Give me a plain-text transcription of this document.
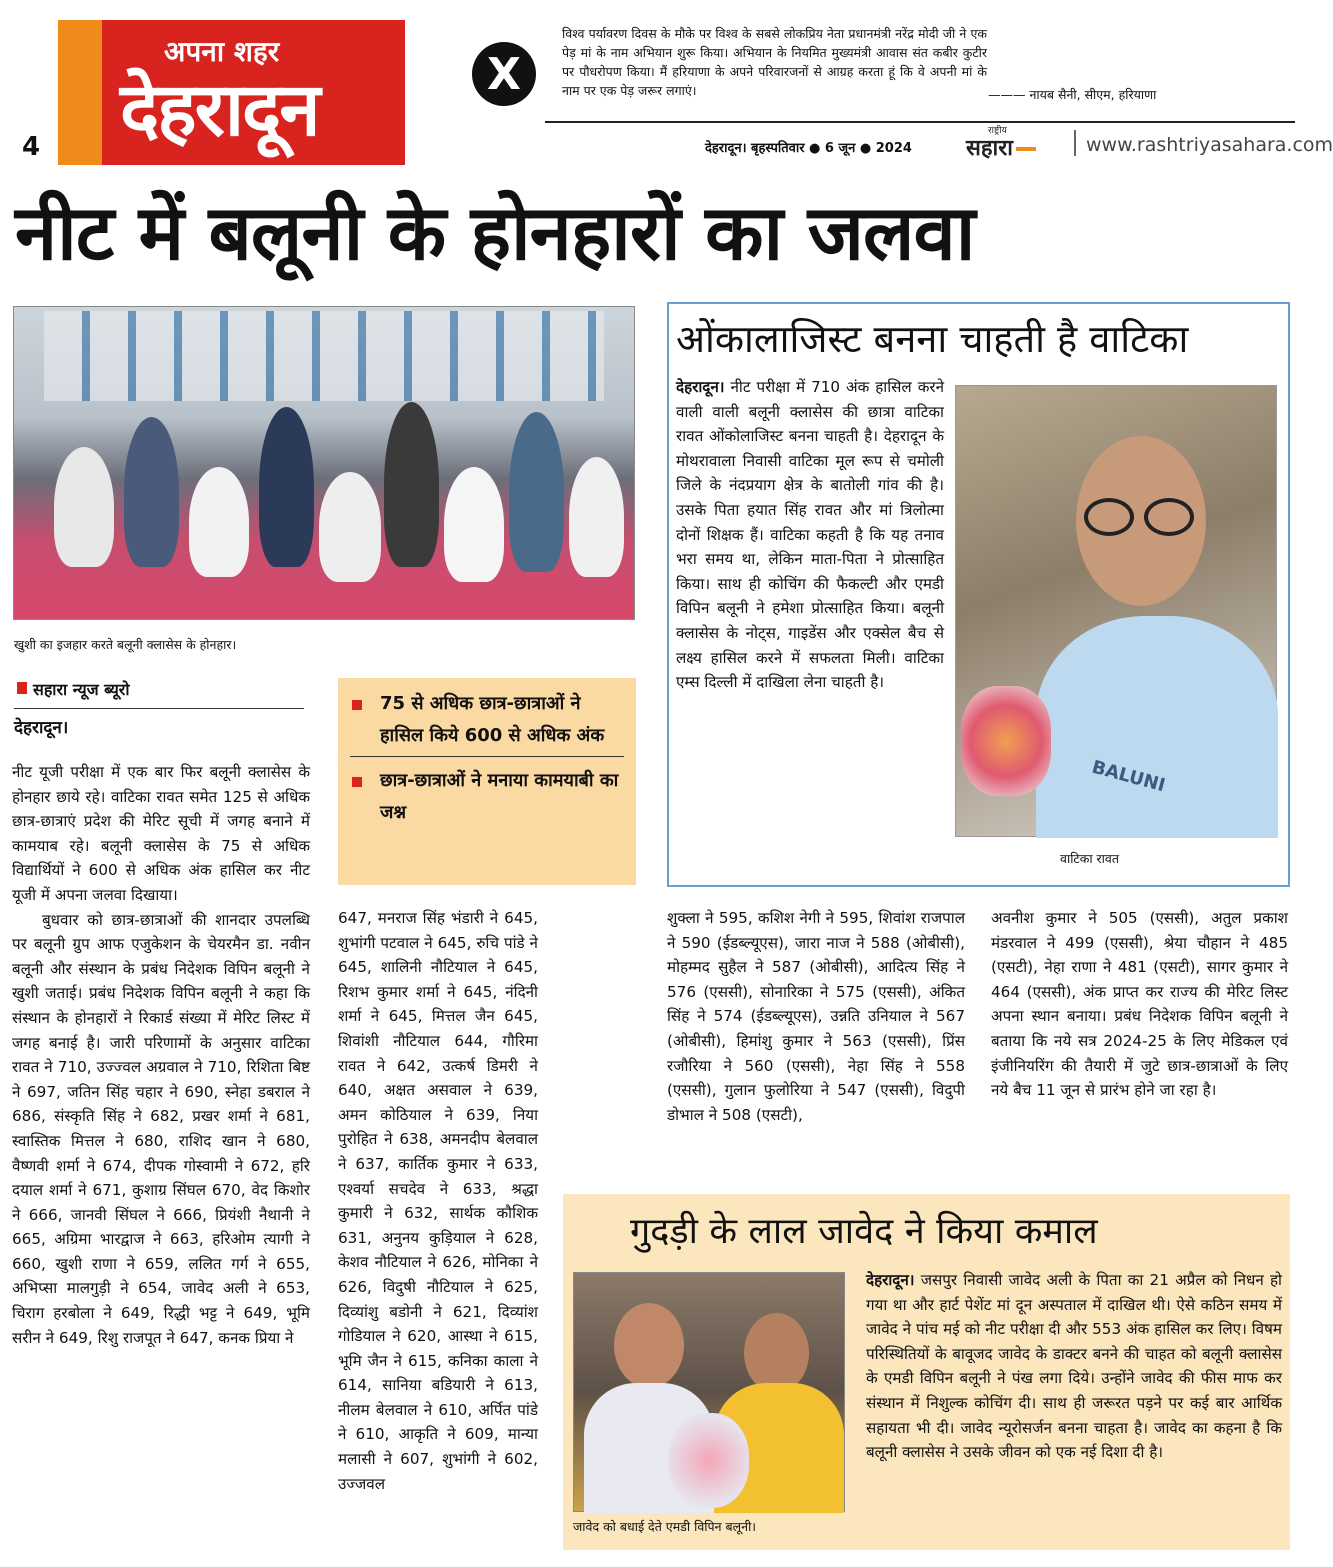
4
अपना शहर
देहरादून	X
विश्व पर्यावरण दिवस के मौके पर विश्व के सबसे लोकप्रिय नेता प्रधानमंत्री नरेंद्र मोदी जी ने एक पेड़ मां के नाम अभियान शुरू किया। अभियान के नियमित मुख्यमंत्री आवास संत कबीर कुटीर पर पौधरोपण किया। मैं हरियाणा के अपने परिवारजनों से आग्रह करता हूं कि वे अपनी मां के नाम पर एक पेड़ जरूर लगाएं।	——— नायब सैनी, सीएम, हरियाणा
देहरादून। बृहस्पतिवार ● 6 जून ● 2024
राष्ट्रीय
सहारा	www.rashtriyasahara.com
नीट में बलूनी के होनहारों का जलवा
खुशी का इजहार करते बलूनी क्लासेस के होनहार।
सहारा न्यूज ब्यूरो
देहरादून।

नीट यूजी परीक्षा में एक बार फिर बलूनी क्लासेस के होनहार छाये रहे। वाटिका रावत समेत 125 से अधिक छात्र-छात्राएं प्रदेश की मेरिट सूची में जगह बनाने में कामयाब रहे। बलूनी क्लासेस के 75 से अधिक विद्यार्थियों ने 600 से अधिक अंक हासिल कर नीट यूजी में अपना जलवा दिखाया।

बुधवार को छात्र-छात्राओं की शानदार उपलब्धि पर बलूनी ग्रुप आफ एजुकेशन के चेयरमैन डा. नवीन बलूनी और संस्थान के प्रबंध निदेशक विपिन बलूनी ने खुशी जताई। प्रबंध निदेशक विपिन बलूनी ने कहा कि संस्थान के होनहारों ने रिकार्ड संख्या में मेरिट लिस्ट में जगह बनाई है। जारी परिणामों के अनुसार वाटिका रावत ने 710, उज्ज्वल अग्रवाल ने 710, रिशिता बिष्ट ने 697, जतिन सिंह चहार ने 690, स्नेहा डबराल ने 686, संस्कृति सिंह ने 682, प्रखर शर्मा ने 681, स्वास्तिक मित्तल ने 680, राशिद खान ने 680, वैष्णवी शर्मा ने 674, दीपक गोस्वामी ने 672, हरि दयाल शर्मा ने 671, कुशाग्र सिंघल 670, वेद किशोर ने 666, जानवी सिंघल ने 666, प्रियंशी नैथानी ने 665, अग्रिमा भारद्वाज ने 663, हरिओम त्यागी ने 660, खुशी राणा ने 659, ललित गर्ग ने 655, अभिप्सा मालगुड़ी ने 654, जावेद अली ने 653, चिराग हरबोला ने 649, रिद्धी भट्ट ने 649, भूमि सरीन ने 649, रिशु राजपूत ने 647, कनक प्रिया ने

75 से अधिक छात्र-छात्राओं ने हासिल किये 600 से अधिक अंक
छात्र-छात्राओं ने मनाया कामयाबी का जश्न

647, मनराज सिंह भंडारी ने 645, शुभांगी पटवाल ने 645, रुचि पांडे ने 645, शालिनी नौटियाल ने 645, रिशभ कुमार शर्मा ने 645, नंदिनी शर्मा ने 645, मित्तल जैन 645, शिवांशी नौटियाल 644, गौरिमा रावत ने 642, उत्कर्ष डिमरी ने 640, अक्षत असवाल ने 639, अमन कोठियाल ने 639, निया पुरोहित ने 638, अमनदीप बेलवाल ने 637, कार्तिक कुमार ने 633, एश्वर्या सचदेव ने 633, श्रद्धा कुमारी ने 632, सार्थक कौशिक 631, अनुनय कुड़ियाल ने 628, केशव नौटियाल ने 626, मोनिका ने 626, विदुषी नौटियाल ने 625, दिव्यांशु बडोनी ने 621, दिव्यांश गोडियाल ने 620, आस्था ने 615, भूमि जैन ने 615, कनिका काला ने 614, सानिया बडियारी ने 613, नीलम बेलवाल ने 610, अर्पित पांडे ने 610, आकृति ने 609, मान्या मलासी ने 607, शुभांगी ने 602, उज्जवल

ओंकालाजिस्ट बनना चाहती है वाटिका

देहरादून। नीट परीक्षा में 710 अंक हासिल करने वाली वाली बलूनी क्लासेस की छात्रा वाटिका रावत ओंकोलाजिस्ट बनना चाहती है। देहरादून के मोथरावाला निवासी वाटिका मूल रूप से चमोली जिले के नंदप्रयाग क्षेत्र के बातोली गांव की है। उसके पिता हयात सिंह रावत और मां त्रिलोत्मा दोनों शिक्षक हैं। वाटिका कहती है कि यह तनाव भरा समय था, लेकिन माता-पिता ने प्रोत्साहित किया। साथ ही कोचिंग की फैकल्टी और एमडी विपिन बलूनी ने हमेशा प्रोत्साहित किया। बलूनी क्लासेस के नोट्स, गाइडेंस और एक्सेल बैच से लक्ष्य हासिल करने में सफलता मिली। वाटिका एम्स दिल्ली में दाखिला लेना चाहती है।

BALUNI
वाटिका रावत

शुक्ला ने 595, कशिश नेगी ने 595, शिवांश राजपाल ने 590 (ईडब्ल्यूएस), जारा नाज ने 588 (ओबीसी), मोहम्मद सुहैल ने 587 (ओबीसी), आदित्य सिंह ने 576 (एससी), सोनारिका ने 575 (एससी), अंकित सिंह ने 574 (ईडब्ल्यूएस), उन्नति उनियाल ने 567 (ओबीसी), हिमांशु कुमार ने 563 (एससी), प्रिंस रजौरिया ने 560 (एससी), नेहा सिंह ने 558 (एससी), गुलान फुलोरिया ने 547 (एससी), विदुपी डोभाल ने 508 (एसटी),

अवनीश कुमार ने 505 (एससी), अतुल प्रकाश मंडरवाल ने 499 (एससी), श्रेया चौहान ने 485 (एसटी), नेहा राणा ने 481 (एसटी), सागर कुमार ने 464 (एससी), अंक प्राप्त कर राज्य की मेरिट लिस्ट अपना स्थान बनाया। प्रबंध निदेशक विपिन बलूनी ने बताया कि नये सत्र 2024-25 के लिए मेडिकल एवं इंजीनियरिंग की तैयारी में जुटे छात्र-छात्राओं के लिए नये बैच 11 जून से प्रारंभ होने जा रहा है।

गुदड़ी के लाल जावेद ने किया कमाल
जावेद को बधाई देते एमडी विपिन बलूनी।

देहरादून। जसपुर निवासी जावेद अली के पिता का 21 अप्रैल को निधन हो गया था और हार्ट पेशेंट मां दून अस्पताल में दाखिल थी। ऐसे कठिन समय में जावेद ने पांच मई को नीट परीक्षा दी और 553 अंक हासिल कर लिए। विषम परिस्थितियों के बावूजद जावेद के डाक्टर बनने की चाहत को बलूनी क्लासेस के एमडी विपिन बलूनी ने पंख लगा दिये। उन्होंने जावेद की फीस माफ कर संस्थान में निशुल्क कोचिंग दी। साथ ही जरूरत पड़ने पर कई बार आर्थिक सहायता भी दी। जावेद न्यूरोसर्जन बनना चाहता है। जावेद का कहना है कि बलूनी क्लासेस ने उसके जीवन को एक नई दिशा दी है।
